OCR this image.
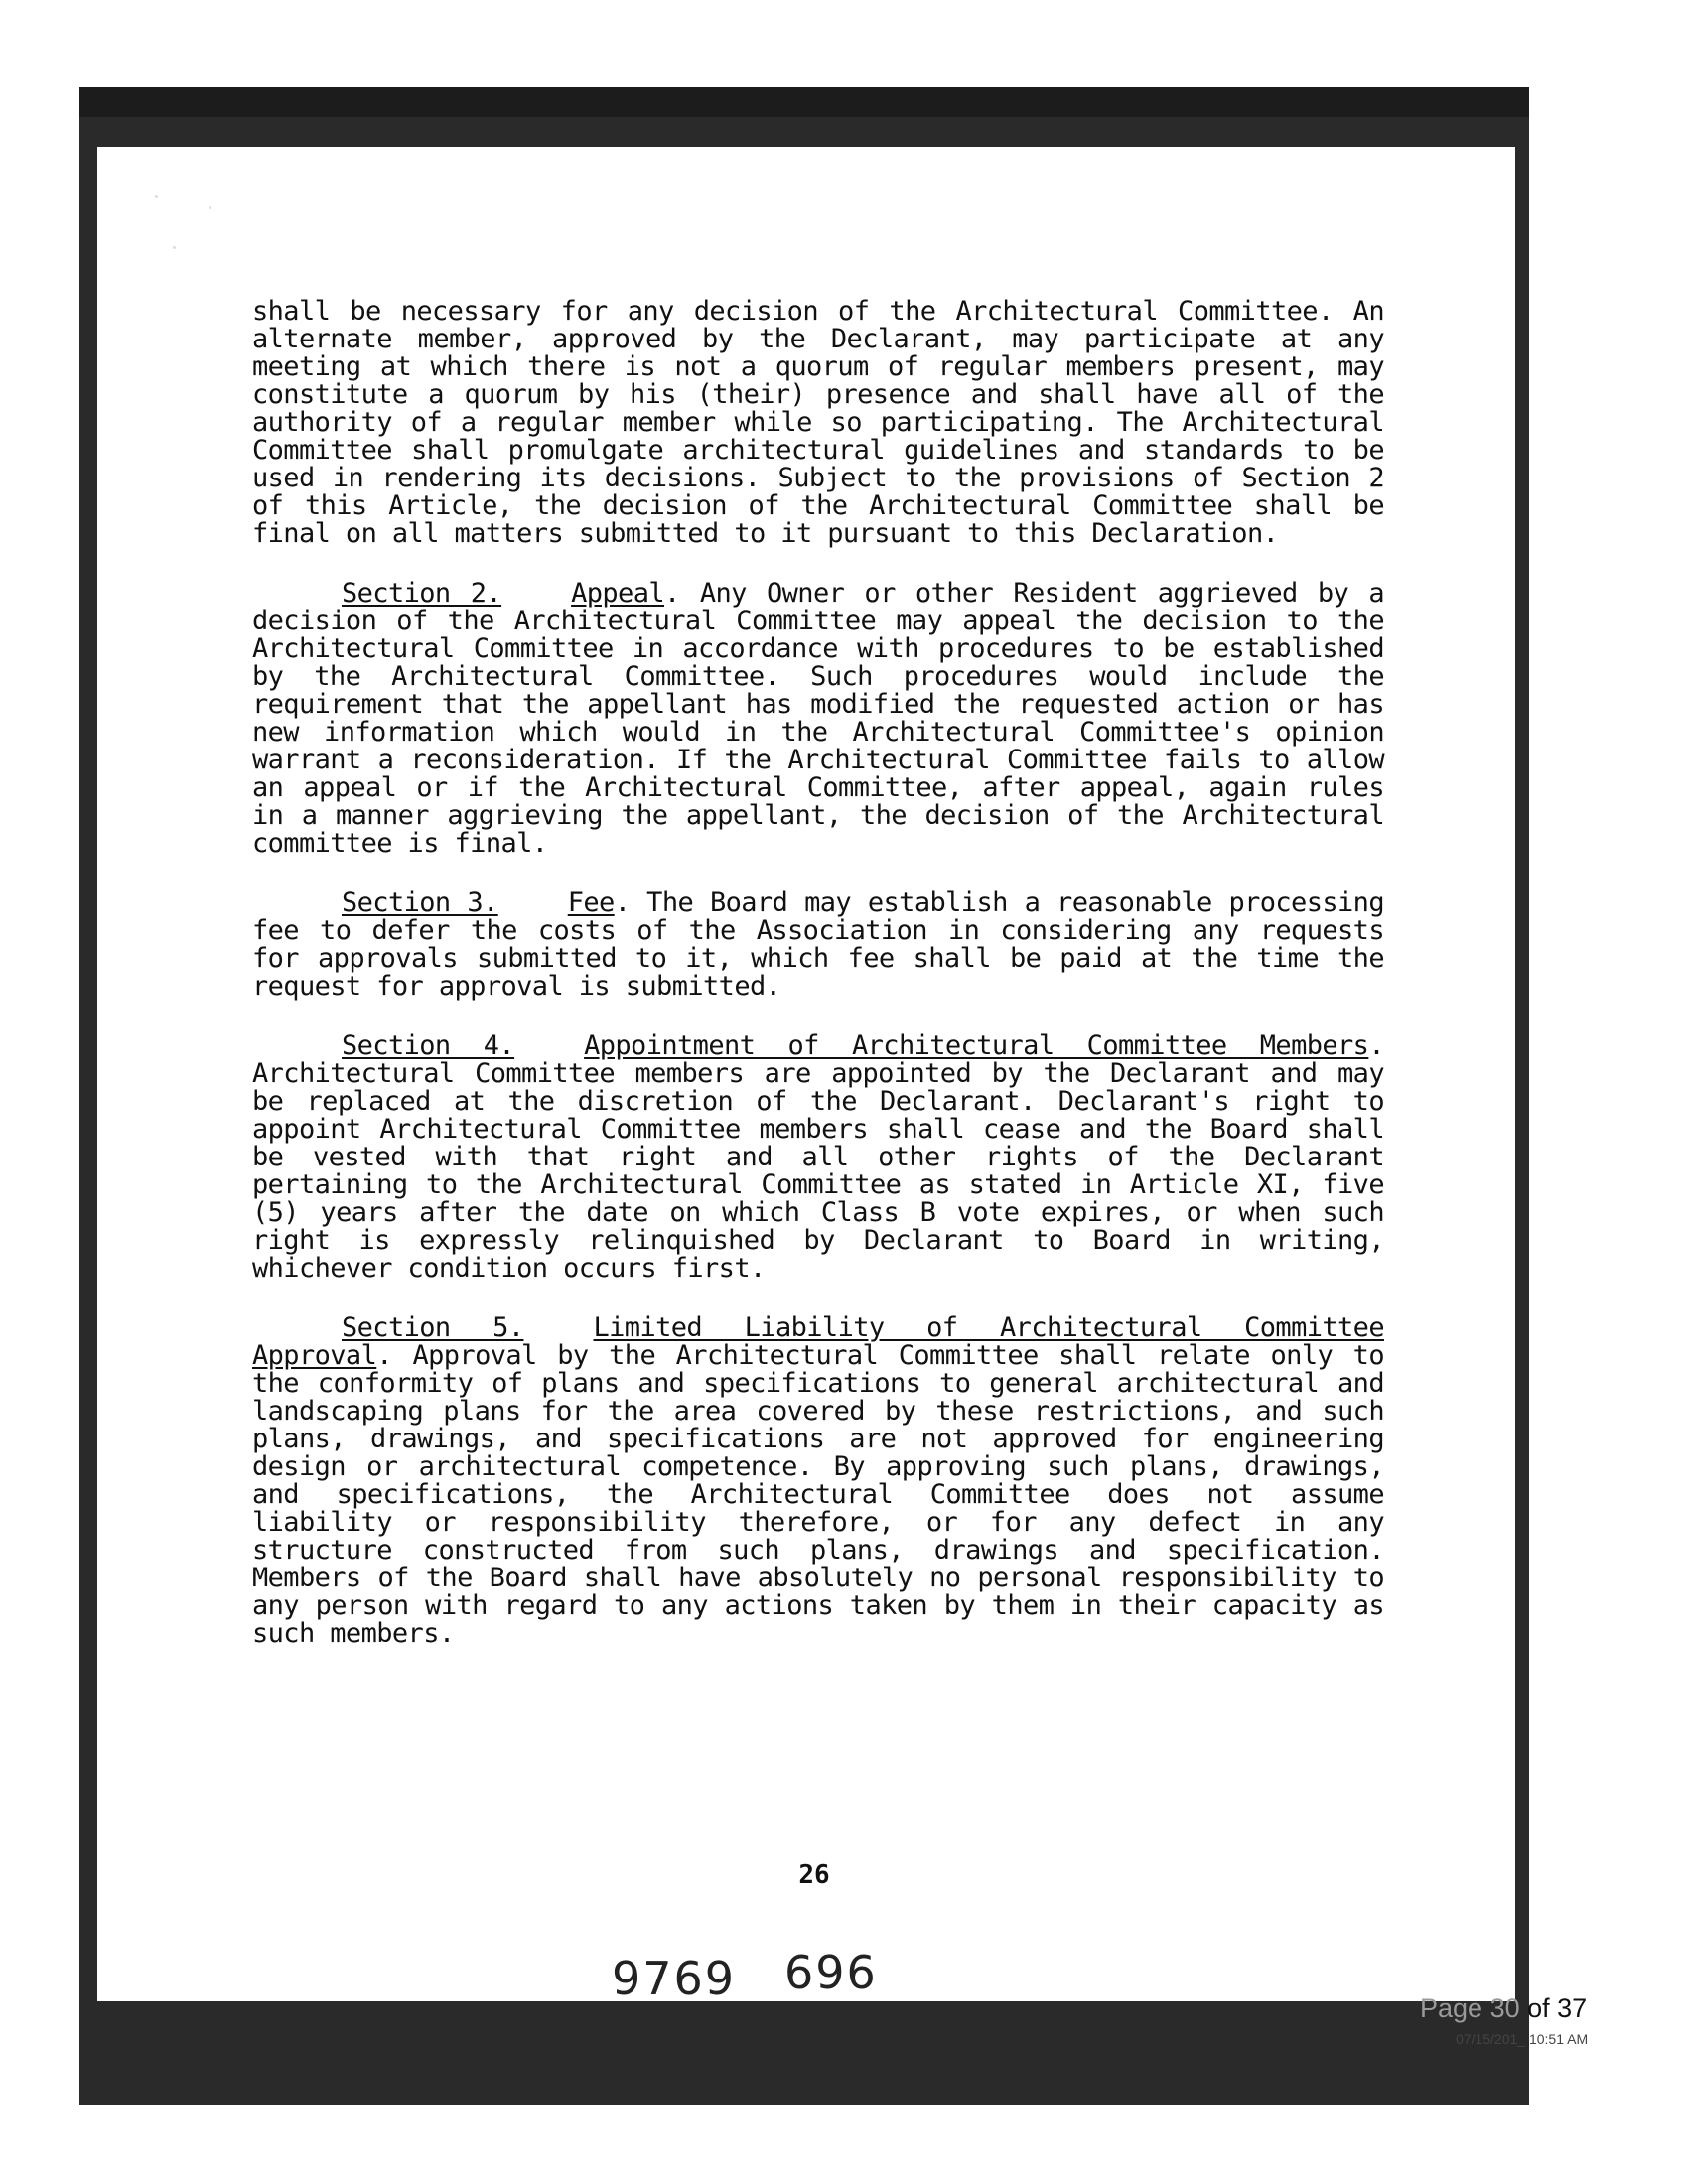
shall be necessary for any decision of the Architectural Committee. An alternate member, approved by the Declarant, may participate at any meeting at which there is not a quorum of regular members present, may constitute a quorum by his (their) presence and shall have all of the authority of a regular member while so participating. The Architectural Committee shall promulgate architectural guidelines and standards to be used in rendering its decisions. Subject to the provisions of Section 2 of this Article, the decision of the Architectural Committee shall be final on all matters submitted to it pursuant to this Declaration.

Section 2.	Appeal. Any Owner or other Resident aggrieved by a decision of the Architectural Committee may appeal the decision to the Architectural Committee in accordance with procedures to be established by the Architectural Committee. Such procedures would include the requirement that the appellant has modified the requested action or has new information which would in the Architectural Committee's opinion warrant a reconsideration. If the Architectural Committee fails to allow an appeal or if the Architectural Committee, after appeal, again rules in a manner aggrieving the appellant, the decision of the Architectural committee is final.

Section 3.	Fee. The Board may establish a reasonable processing fee to defer the costs of the Association in considering any requests for approvals submitted to it, which fee shall be paid at the time the request for approval is submitted.

Section 4.	Appointment of Architectural Committee Members. Architectural Committee members are appointed by the Declarant and may be replaced at the discretion of the Declarant. Declarant's right to appoint Architectural Committee members shall cease and the Board shall be vested with that right and all other rights of the Declarant pertaining to the Architectural Committee as stated in Article XI, five (5) years after the date on which Class B vote expires, or when such right is expressly relinquished by Declarant to Board in writing, whichever condition occurs first.

Section 5.	Limited Liability of Architectural Committee Approval. Approval by the Architectural Committee shall relate only to the conformity of plans and specifications to general architectural and landscaping plans for the area covered by these restrictions, and such plans, drawings, and specifications are not approved for engineering design or architectural competence. By approving such plans, drawings, and specifications, the Architectural Committee does not assume liability or responsibility therefore, or for any defect in any structure constructed from such plans, drawings and specification. Members of the Board shall have absolutely no personal responsibility to any person with regard to any actions taken by them in their capacity as such members.

26
9769 696
Page 30 of 37
07/15/201_ 10:51 AM
